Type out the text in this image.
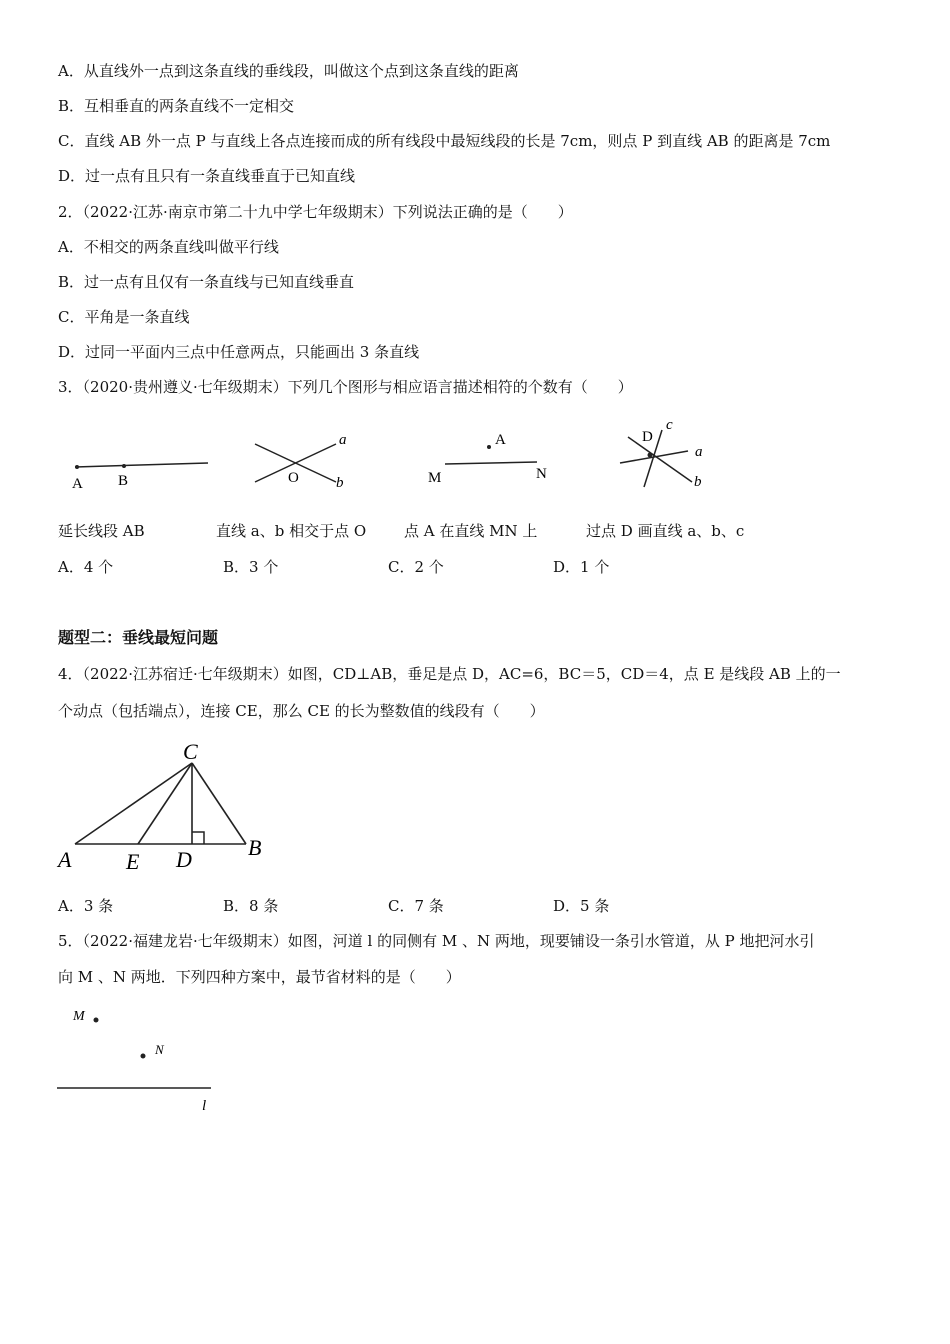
A．从直线外一点到这条直线的垂线段，叫做这个点到这条直线的距离
B．互相垂直的两条直线不一定相交
C．直线 AB 外一点 P 与直线上各点连接而成的所有线段中最短线段的长是 7cm，则点 P 到直线 AB 的距离是 7cm
D．过一点有且只有一条直线垂直于已知直线
2．（2022·江苏·南京市第二十九中学七年级期末）下列说法正确的是（　　）
A．不相交的两条直线叫做平行线
B．过一点有且仅有一条直线与已知直线垂直
C．平角是一条直线
D．过同一平面内三点中任意两点，只能画出 3 条直线
3．（2020·贵州遵义·七年级期末）下列几个图形与相应语言描述相符的个数有（　　）
A B
a
O b
A
M	N
D
c
a
b
延长线段 AB	直线 a、b 相交于点 O	点 A 在直线 MN 上	过点 D 画直线 a、b、c
A．4 个	B．3 个	C．2 个	D．1 个
题型二：垂线最短问题
4．（2022·江苏宿迁·七年级期末）如图，CD⊥AB，垂足是点 D，AC=6，BC＝5，CD＝4，点 E 是线段 AB 上的一
个动点（包括端点），连接 CE，那么 CE 的长为整数值的线段有（　　）
C
A E D	B
A．3 条	B．8 条	C．7 条	D．5 条
5．（2022·福建龙岩·七年级期末）如图，河道 l 的同侧有 M 、N 两地，现要铺设一条引水管道，从 P 地把河水引
向 M 、N 两地．下列四种方案中，最节省材料的是（　　）
M
N
l
